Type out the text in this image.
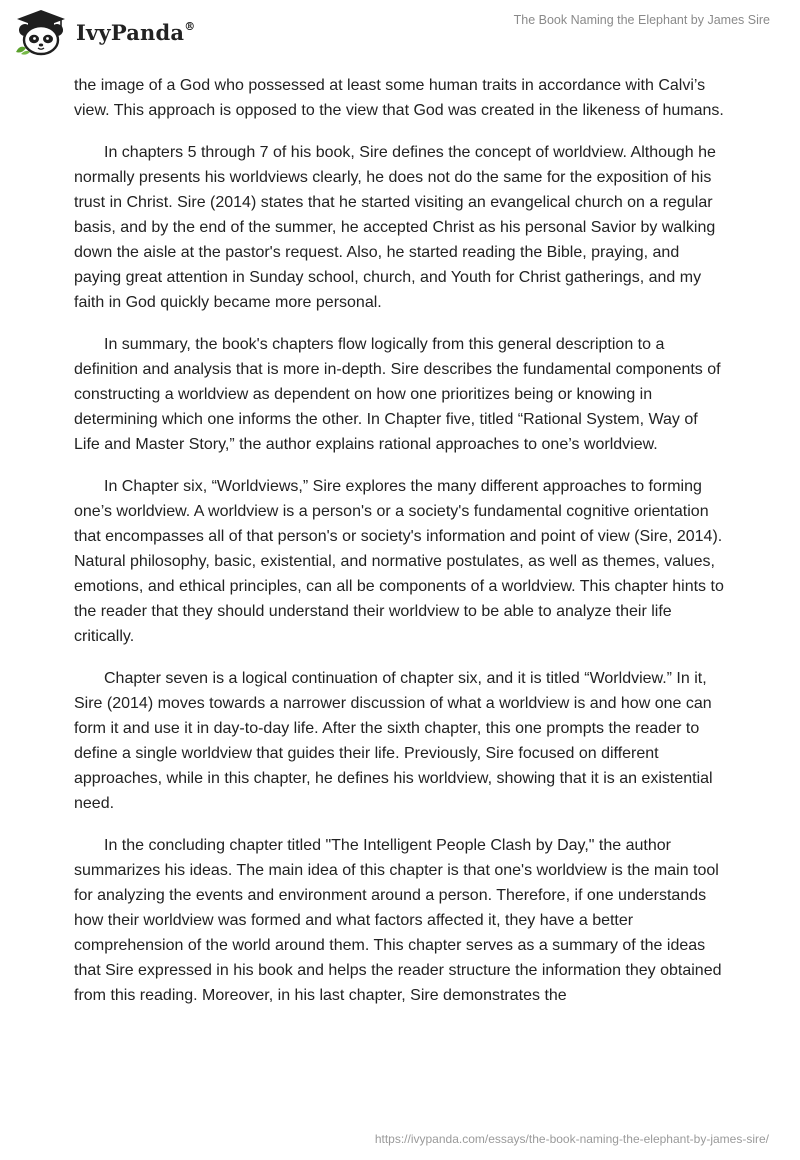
IvyPanda®	The Book Naming the Elephant by James Sire

the image of a God who possessed at least some human traits in accordance with Calvi’s view. This approach is opposed to the view that God was created in the likeness of humans.

In chapters 5 through 7 of his book, Sire defines the concept of worldview. Although he normally presents his worldviews clearly, he does not do the same for the exposition of his trust in Christ. Sire (2014) states that he started visiting an evangelical church on a regular basis, and by the end of the summer, he accepted Christ as his personal Savior by walking down the aisle at the pastor's request. Also, he started reading the Bible, praying, and paying great attention in Sunday school, church, and Youth for Christ gatherings, and my faith in God quickly became more personal.

In summary, the book's chapters flow logically from this general description to a definition and analysis that is more in-depth. Sire describes the fundamental components of constructing a worldview as dependent on how one prioritizes being or knowing in determining which one informs the other. In Chapter five, titled “Rational System, Way of Life and Master Story,” the author explains rational approaches to one’s worldview.

In Chapter six, “Worldviews,” Sire explores the many different approaches to forming one’s worldview. A worldview is a person's or a society's fundamental cognitive orientation that encompasses all of that person's or society's information and point of view (Sire, 2014). Natural philosophy, basic, existential, and normative postulates, as well as themes, values, emotions, and ethical principles, can all be components of a worldview. This chapter hints to the reader that they should understand their worldview to be able to analyze their life critically.

Chapter seven is a logical continuation of chapter six, and it is titled “Worldview.” In it, Sire (2014) moves towards a narrower discussion of what a worldview is and how one can form it and use it in day-to-day life. After the sixth chapter, this one prompts the reader to define a single worldview that guides their life. Previously, Sire focused on different approaches, while in this chapter, he defines his worldview, showing that it is an existential need.

In the concluding chapter titled "The Intelligent People Clash by Day," the author summarizes his ideas. The main idea of this chapter is that one's worldview is the main tool for analyzing the events and environment around a person. Therefore, if one understands how their worldview was formed and what factors affected it, they have a better comprehension of the world around them. This chapter serves as a summary of the ideas that Sire expressed in his book and helps the reader structure the information they obtained from this reading. Moreover, in his last chapter, Sire demonstrates the

https://ivypanda.com/essays/the-book-naming-the-elephant-by-james-sire/
